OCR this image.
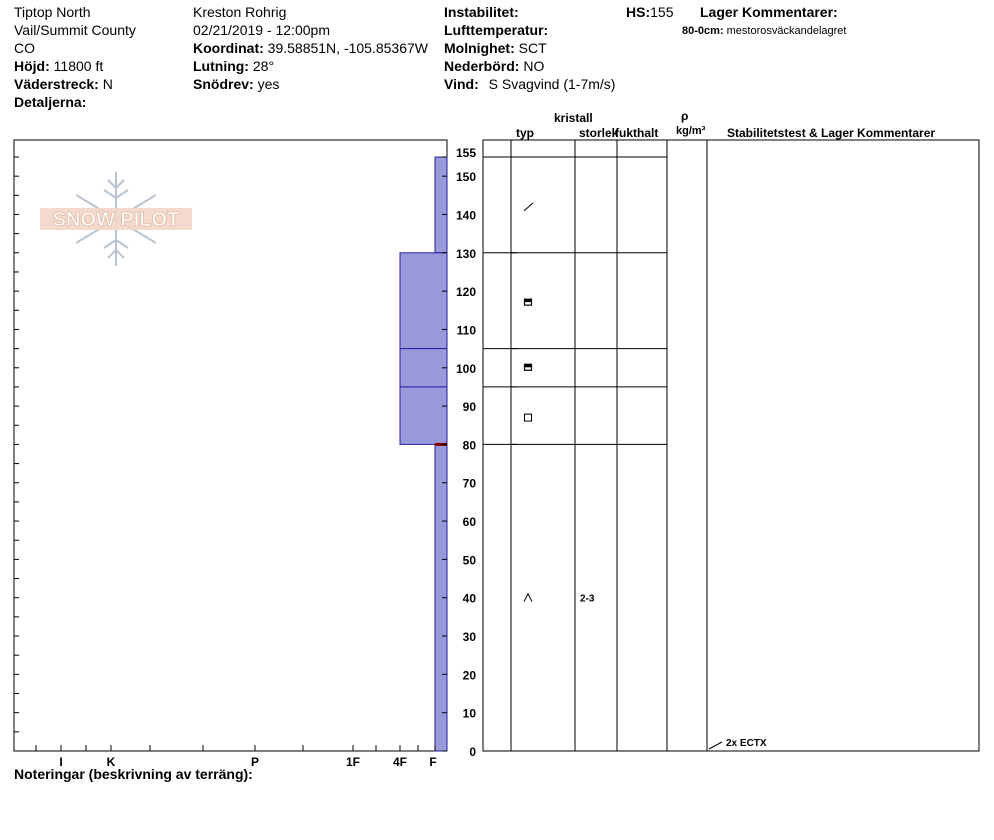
Tiptop North
Vail/Summit County
CO
Höjd: 11800 ft
Väderstreck: N
Detaljerna:
Kreston Rohrig
02/21/2019 - 12:00pm
Koordinat: 39.58851N, -105.85367W
Lutning: 28°
Snödrev: yes
Instabilitet:
Lufttemperatur:
Molnighet: SCT
Nederbörd: NO
Vind: S Svagvind (1-7m/s)
HS:155 Lager Kommentarer:
80-0cm: mestorosväckandelagret
kristall
typ	storlek
fukthalt
ρ
kg/m³ Stabilitetstest & Lager Kommentarer
Noteringar (beskrivning av terräng):
SNOW PILOT
I	K	P	1F	4F F
0
10
20
30
40
50
60
70
80
90
100
110
120
130
140
150
155
2-3
2x ECTX
